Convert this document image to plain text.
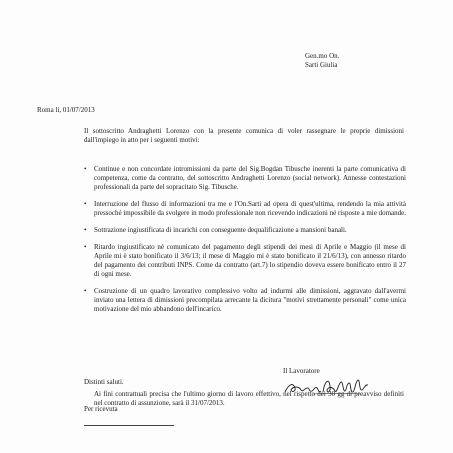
Gen.mo On.
Sarti Giulia
Roma li, 01/07/2013
Il sottoscritto Andraghetti Lorenzo con la presente comunica di voler rassegnare le proprie dimissioni dall'impiego in atto per i seguenti motivi:
• Continue e non concordate intromissioni da parte del Sig.Bogdan Tibusche inerenti la parte comunicativa di competenza, come da contratto, del sottoscritto Andraghetti Lorenzo (social network). Annesse contestazioni professionali da parte del sopracitato Sig. Tibusche.
• Interruzione del flusso di informazioni tra me e l'On.Sarti ad opera di quest'ultima, rendendo la mia attività pressoché impossibile da svolgere in modo professionale non ricevendo indicazioni né risposte a mie domande.
• Sottrazione ingiustificata di incarichi con conseguente dequalificazione a mansioni banali.
• Ritardo ingiustificato né comunicato del pagamento degli stipendi dei mesi di Aprile e Maggio (il mese di Aprile mi è stato bonificato il 3/6/13; il mese di Maggio mi è stato bonificato il 21/6/13), con annesso ritardo del pagamento dei contributi INPS. Come da contratto (art.7) lo stipendio doveva essere bonificato entro il 27 di ogni mese.
• Costruzione di un quadro lavorativo complessivo volto ad indurmi alle dimissioni, aggravato dall'avermi inviato una lettera di dimissioni precompilata arrecante la dicitura "motivi strettamente personali" come unica motivazione del mio abbandono dell'incarico.
Ai fini contrattuali precisa che l'ultimo giorno di lavoro effettivo, nel rispetto dei 30 gg di preavviso definiti nel contratto di assunzione, sarà il 31/07/2013.
Il Lavoratore
Distinti saluti.
Per ricevuta
